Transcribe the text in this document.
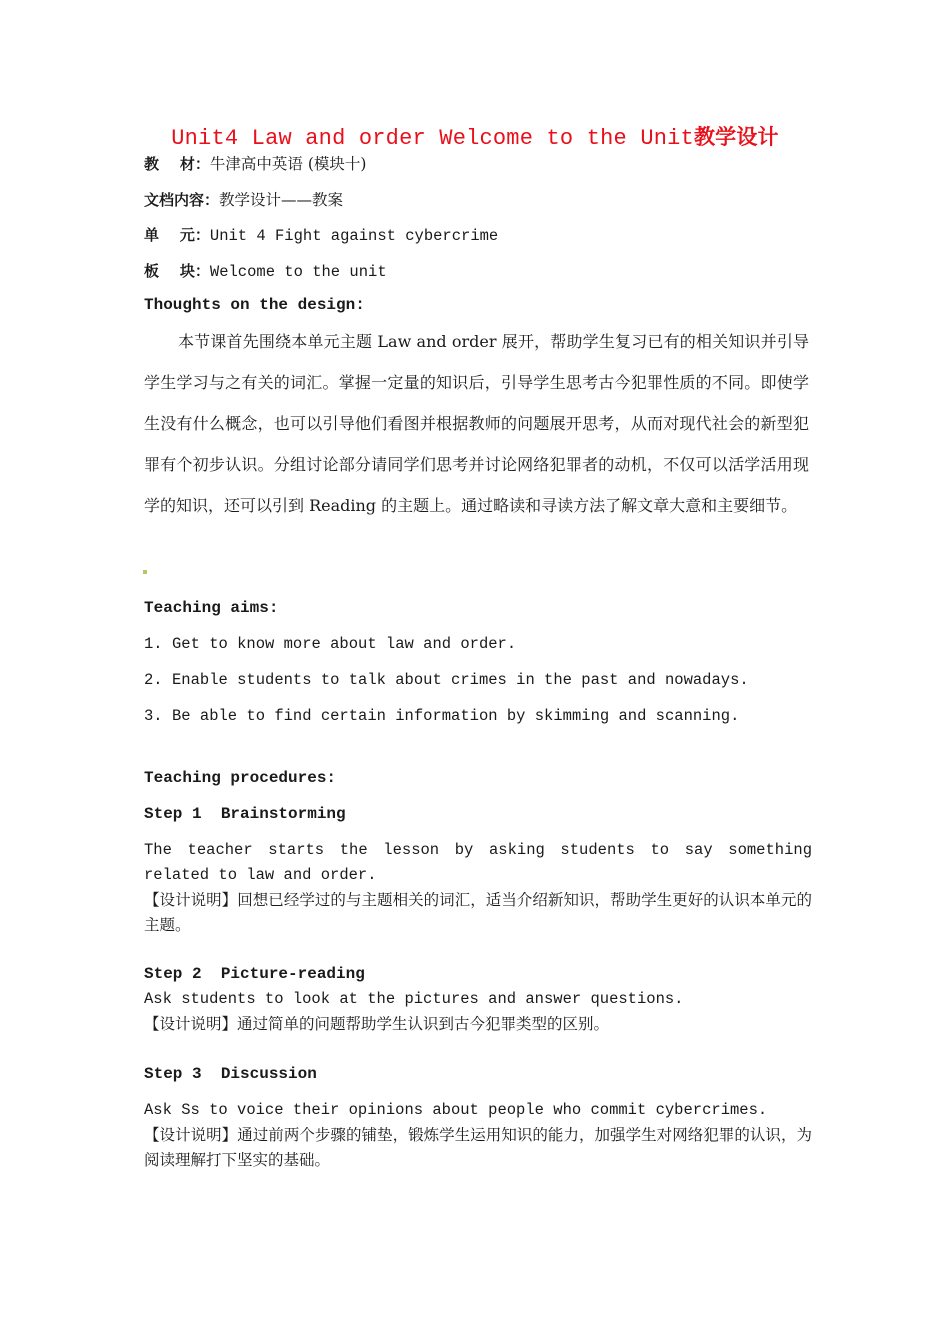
Unit4 Law and order Welcome to the Unit教学设计
教    材：牛津高中英语 (模块十)
文档内容：教学设计——教案
单    元：Unit 4 Fight against cybercrime
板    块：Welcome to the unit
Thoughts on the design:
本节课首先围绕本单元主题 Law and order 展开，帮助学生复习已有的相关知识并引导学生学习与之有关的词汇。掌握一定量的知识后，引导学生思考古今犯罪性质的不同。即使学生没有什么概念，也可以引导他们看图并根据教师的问题展开思考，从而对现代社会的新型犯罪有个初步认识。分组讨论部分请同学们思考并讨论网络犯罪者的动机，不仅可以活学活用现学的知识，还可以引到 Reading 的主题上。通过略读和寻读方法了解文章大意和主要细节。
Teaching aims:
1. Get to know more about law and order.
2. Enable students to talk about crimes in the past and nowadays.
3. Be able to find certain information by skimming and scanning.
Teaching procedures:
Step 1  Brainstorming
The teacher starts the lesson by asking students to say something related to law and order.
【设计说明】回想已经学过的与主题相关的词汇，适当介绍新知识，帮助学生更好的认识本单元的主题。
Step 2  Picture-reading
Ask students to look at the pictures and answer questions.
【设计说明】通过简单的问题帮助学生认识到古今犯罪类型的区别。
Step 3  Discussion
Ask Ss to voice their opinions about people who commit cybercrimes.
【设计说明】通过前两个步骤的铺垫，锻炼学生运用知识的能力，加强学生对网络犯罪的认识，为阅读理解打下坚实的基础。
